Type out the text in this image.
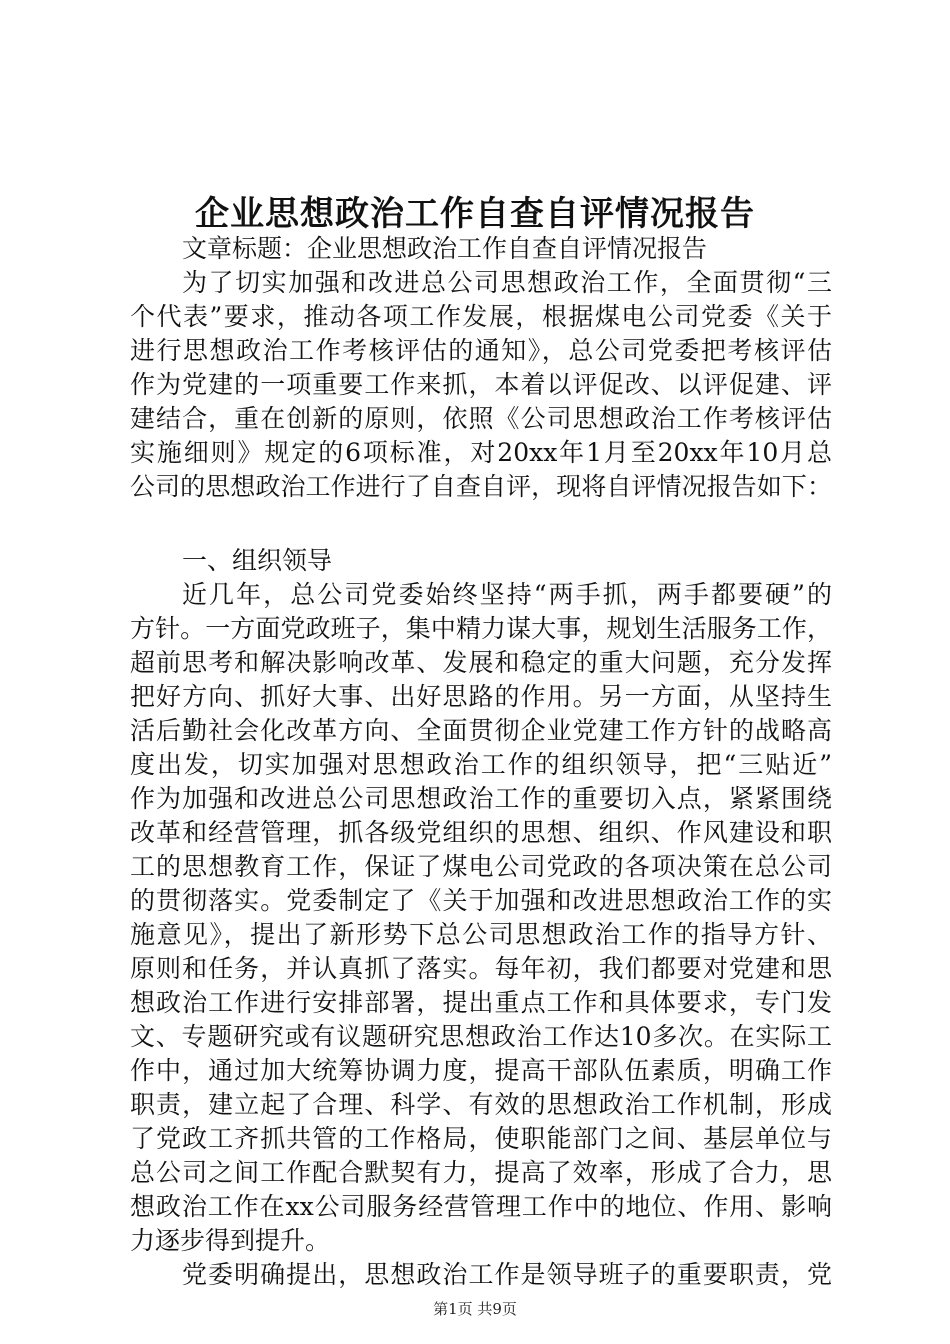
企业思想政治工作自查自评情况报告
文章标题：企业思想政治工作自查自评情况报告
为了切实加强和改进总公司思想政治工作，全面贯彻“三
个代表”要求，推动各项工作发展，根据煤电公司党委《关于
进行思想政治工作考核评估的通知》，总公司党委把考核评估
作为党建的一项重要工作来抓，本着以评促改、以评促建、评
建结合，重在创新的原则，依照《公司思想政治工作考核评估
实施细则》规定的6项标准，对20xx年1月至20xx年10月总
公司的思想政治工作进行了自查自评，现将自评情况报告如下：
一、组织领导
近几年，总公司党委始终坚持“两手抓，两手都要硬”的
方针。一方面党政班子，集中精力谋大事，规划生活服务工作，
超前思考和解决影响改革、发展和稳定的重大问题，充分发挥
把好方向、抓好大事、出好思路的作用。另一方面，从坚持生
活后勤社会化改革方向、全面贯彻企业党建工作方针的战略高
度出发，切实加强对思想政治工作的组织领导，把“三贴近”
作为加强和改进总公司思想政治工作的重要切入点，紧紧围绕
改革和经营管理，抓各级党组织的思想、组织、作风建设和职
工的思想教育工作，保证了煤电公司党政的各项决策在总公司
的贯彻落实。党委制定了《关于加强和改进思想政治工作的实
施意见》，提出了新形势下总公司思想政治工作的指导方针、
原则和任务，并认真抓了落实。每年初，我们都要对党建和思
想政治工作进行安排部署，提出重点工作和具体要求，专门发
文、专题研究或有议题研究思想政治工作达10多次。在实际工
作中，通过加大统筹协调力度，提高干部队伍素质，明确工作
职责，建立起了合理、科学、有效的思想政治工作机制，形成
了党政工齐抓共管的工作格局，使职能部门之间、基层单位与
总公司之间工作配合默契有力，提高了效率，形成了合力，思
想政治工作在xx公司服务经营管理工作中的地位、作用、影响
力逐步得到提升。
党委明确提出，思想政治工作是领导班子的重要职责，党
第1页 共9页
